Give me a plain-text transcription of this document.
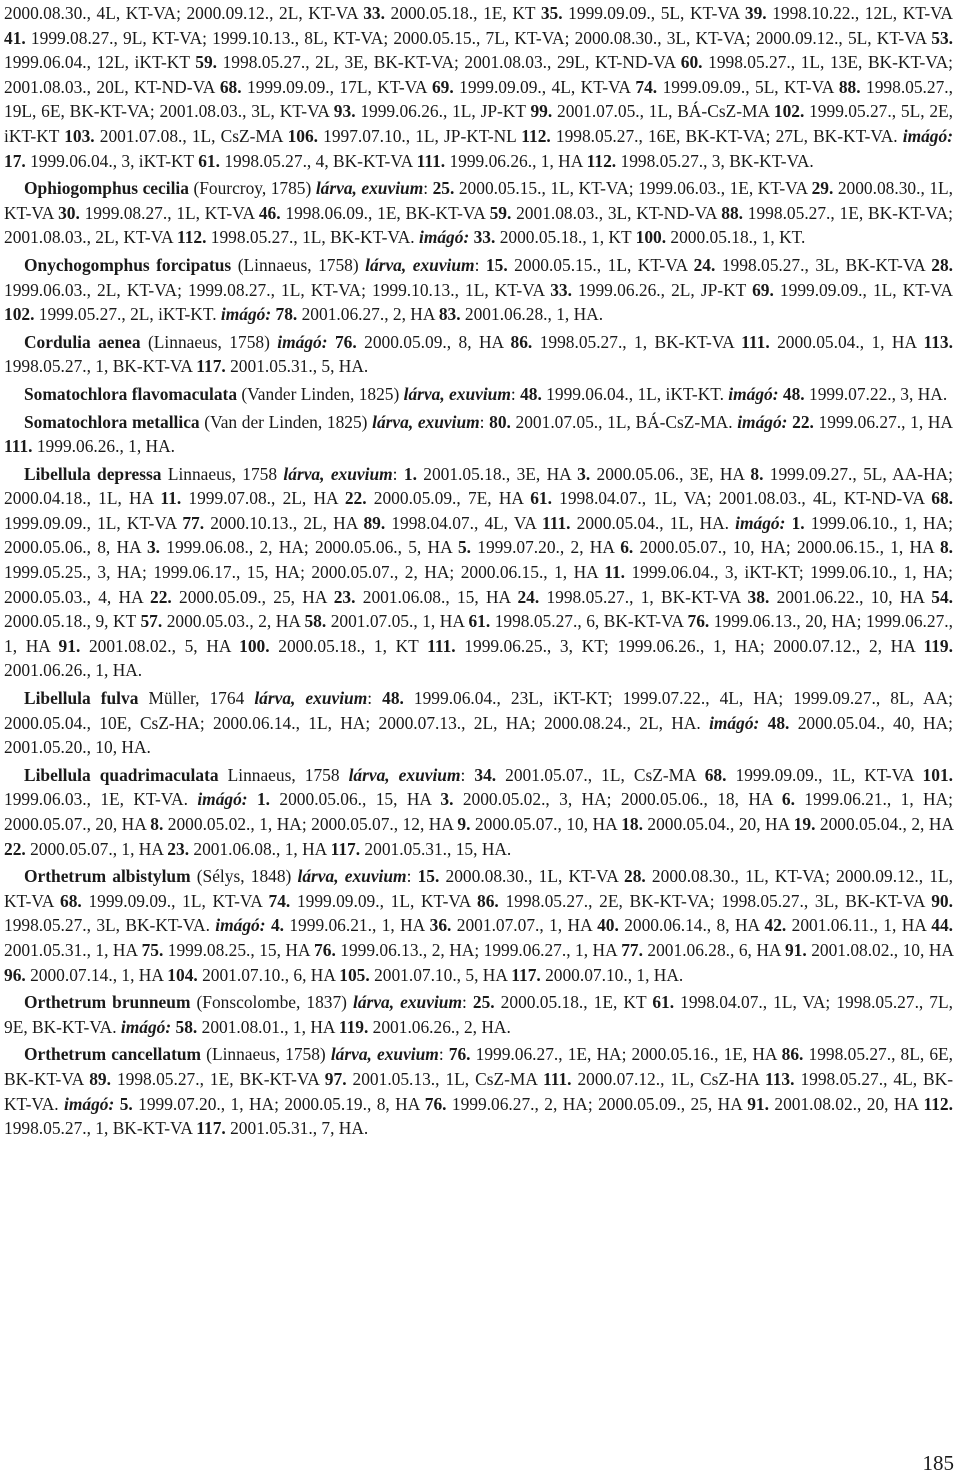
2000.08.30., 4L, KT-VA; 2000.09.12., 2L, KT-VA 33. 2000.05.18., 1E, KT 35. 1999.09.09., 5L, KT-VA 39. 1998.10.22., 12L, KT-VA 41. 1999.08.27., 9L, KT-VA; 1999.10.13., 8L, KT-VA; 2000.05.15., 7L, KT-VA; 2000.08.30., 3L, KT-VA; 2000.09.12., 5L, KT-VA 53. 1999.06.04., 12L, iKT-KT 59. 1998.05.27., 2L, 3E, BK-KT-VA; 2001.08.03., 29L, KT-ND-VA 60. 1998.05.27., 1L, 13E, BK-KT-VA; 2001.08.03., 20L, KT-ND-VA 68. 1999.09.09., 17L, KT-VA 69. 1999.09.09., 4L, KT-VA 74. 1999.09.09., 5L, KT-VA 88. 1998.05.27., 19L, 6E, BK-KT-VA; 2001.08.03., 3L, KT-VA 93. 1999.06.26., 1L, JP-KT 99. 2001.07.05., 1L, BÁ-CsZ-MA 102. 1999.05.27., 5L, 2E, iKT-KT 103. 2001.07.08., 1L, CsZ-MA 106. 1997.07.10., 1L, JP-KT-NL 112. 1998.05.27., 16E, BK-KT-VA; 27L, BK-KT-VA. imágó: 17. 1999.06.04., 3, iKT-KT 61. 1998.05.27., 4, BK-KT-VA 111. 1999.06.26., 1, HA 112. 1998.05.27., 3, BK-KT-VA.

Ophiogomphus cecilia (Fourcroy, 1785) lárva, exuvium: 25. 2000.05.15., 1L, KT-VA; 1999.06.03., 1E, KT-VA 29. 2000.08.30., 1L, KT-VA 30. 1999.08.27., 1L, KT-VA 46. 1998.06.09., 1E, BK-KT-VA 59. 2001.08.03., 3L, KT-ND-VA 88. 1998.05.27., 1E, BK-KT-VA; 2001.08.03., 2L, KT-VA 112. 1998.05.27., 1L, BK-KT-VA. imágó: 33. 2000.05.18., 1, KT 100. 2000.05.18., 1, KT.

Onychogomphus forcipatus (Linnaeus, 1758) lárva, exuvium: 15. 2000.05.15., 1L, KT-VA 24. 1998.05.27., 3L, BK-KT-VA 28. 1999.06.03., 2L, KT-VA; 1999.08.27., 1L, KT-VA; 1999.10.13., 1L, KT-VA 33. 1999.06.26., 2L, JP-KT 69. 1999.09.09., 1L, KT-VA 102. 1999.05.27., 2L, iKT-KT. imágó: 78. 2001.06.27., 2, HA 83. 2001.06.28., 1, HA.

Cordulia aenea (Linnaeus, 1758) imágó: 76. 2000.05.09., 8, HA 86. 1998.05.27., 1, BK-KT-VA 111. 2000.05.04., 1, HA 113. 1998.05.27., 1, BK-KT-VA 117. 2001.05.31., 5, HA.

Somatochlora flavomaculata (Vander Linden, 1825) lárva, exuvium: 48. 1999.06.04., 1L, iKT-KT. imágó: 48. 1999.07.22., 3, HA.

Somatochlora metallica (Van der Linden, 1825) lárva, exuvium: 80. 2001.07.05., 1L, BÁ-CsZ-MA. imágó: 22. 1999.06.27., 1, HA 111. 1999.06.26., 1, HA.

Libellula depressa Linnaeus, 1758 lárva, exuvium: 1. 2001.05.18., 3E, HA 3. 2000.05.06., 3E, HA 8. 1999.09.27., 5L, AA-HA; 2000.04.18., 1L, HA 11. 1999.07.08., 2L, HA 22. 2000.05.09., 7E, HA 61. 1998.04.07., 1L, VA; 2001.08.03., 4L, KT-ND-VA 68. 1999.09.09., 1L, KT-VA 77. 2000.10.13., 2L, HA 89. 1998.04.07., 4L, VA 111. 2000.05.04., 1L, HA. imágó: 1. 1999.06.10., 1, HA; 2000.05.06., 8, HA 3. 1999.06.08., 2, HA; 2000.05.06., 5, HA 5. 1999.07.20., 2, HA 6. 2000.05.07., 10, HA; 2000.06.15., 1, HA 8. 1999.05.25., 3, HA; 1999.06.17., 15, HA; 2000.05.07., 2, HA; 2000.06.15., 1, HA 11. 1999.06.04., 3, iKT-KT; 1999.06.10., 1, HA; 2000.05.03., 4, HA 22. 2000.05.09., 25, HA 23. 2001.06.08., 15, HA 24. 1998.05.27., 1, BK-KT-VA 38. 2001.06.22., 10, HA 54. 2000.05.18., 9, KT 57. 2000.05.03., 2, HA 58. 2001.07.05., 1, HA 61. 1998.05.27., 6, BK-KT-VA 76. 1999.06.13., 20, HA; 1999.06.27., 1, HA 91. 2001.08.02., 5, HA 100. 2000.05.18., 1, KT 111. 1999.06.25., 3, KT; 1999.06.26., 1, HA; 2000.07.12., 2, HA 119. 2001.06.26., 1, HA.

Libellula fulva Müller, 1764 lárva, exuvium: 48. 1999.06.04., 23L, iKT-KT; 1999.07.22., 4L, HA; 1999.09.27., 8L, AA; 2000.05.04., 10E, CsZ-HA; 2000.06.14., 1L, HA; 2000.07.13., 2L, HA; 2000.08.24., 2L, HA. imágó: 48. 2000.05.04., 40, HA; 2001.05.20., 10, HA.

Libellula quadrimaculata Linnaeus, 1758 lárva, exuvium: 34. 2001.05.07., 1L, CsZ-MA 68. 1999.09.09., 1L, KT-VA 101. 1999.06.03., 1E, KT-VA. imágó: 1. 2000.05.06., 15, HA 3. 2000.05.02., 3, HA; 2000.05.06., 18, HA 6. 1999.06.21., 1, HA; 2000.05.07., 20, HA 8. 2000.05.02., 1, HA; 2000.05.07., 12, HA 9. 2000.05.07., 10, HA 18. 2000.05.04., 20, HA 19. 2000.05.04., 2, HA 22. 2000.05.07., 1, HA 23. 2001.06.08., 1, HA 117. 2001.05.31., 15, HA.

Orthetrum albistylum (Sélys, 1848) lárva, exuvium: 15. 2000.08.30., 1L, KT-VA 28. 2000.08.30., 1L, KT-VA; 2000.09.12., 1L, KT-VA 68. 1999.09.09., 1L, KT-VA 74. 1999.09.09., 1L, KT-VA 86. 1998.05.27., 2E, BK-KT-VA; 1998.05.27., 3L, BK-KT-VA 90. 1998.05.27., 3L, BK-KT-VA. imágó: 4. 1999.06.21., 1, HA 36. 2001.07.07., 1, HA 40. 2000.06.14., 8, HA 42. 2001.06.11., 1, HA 44. 2001.05.31., 1, HA 75. 1999.08.25., 15, HA 76. 1999.06.13., 2, HA; 1999.06.27., 1, HA 77. 2001.06.28., 6, HA 91. 2001.08.02., 10, HA 96. 2000.07.14., 1, HA 104. 2001.07.10., 6, HA 105. 2001.07.10., 5, HA 117. 2000.07.10., 1, HA.

Orthetrum brunneum (Fonscolombe, 1837) lárva, exuvium: 25. 2000.05.18., 1E, KT 61. 1998.04.07., 1L, VA; 1998.05.27., 7L, 9E, BK-KT-VA. imágó: 58. 2001.08.01., 1, HA 119. 2001.06.26., 2, HA.

Orthetrum cancellatum (Linnaeus, 1758) lárva, exuvium: 76. 1999.06.27., 1E, HA; 2000.05.16., 1E, HA 86. 1998.05.27., 8L, 6E, BK-KT-VA 89. 1998.05.27., 1E, BK-KT-VA 97. 2001.05.13., 1L, CsZ-MA 111. 2000.07.12., 1L, CsZ-HA 113. 1998.05.27., 4L, BK-KT-VA. imágó: 5. 1999.07.20., 1, HA; 2000.05.19., 8, HA 76. 1999.06.27., 2, HA; 2000.05.09., 25, HA 91. 2001.08.02., 20, HA 112. 1998.05.27., 1, BK-KT-VA 117. 2001.05.31., 7, HA.

185
